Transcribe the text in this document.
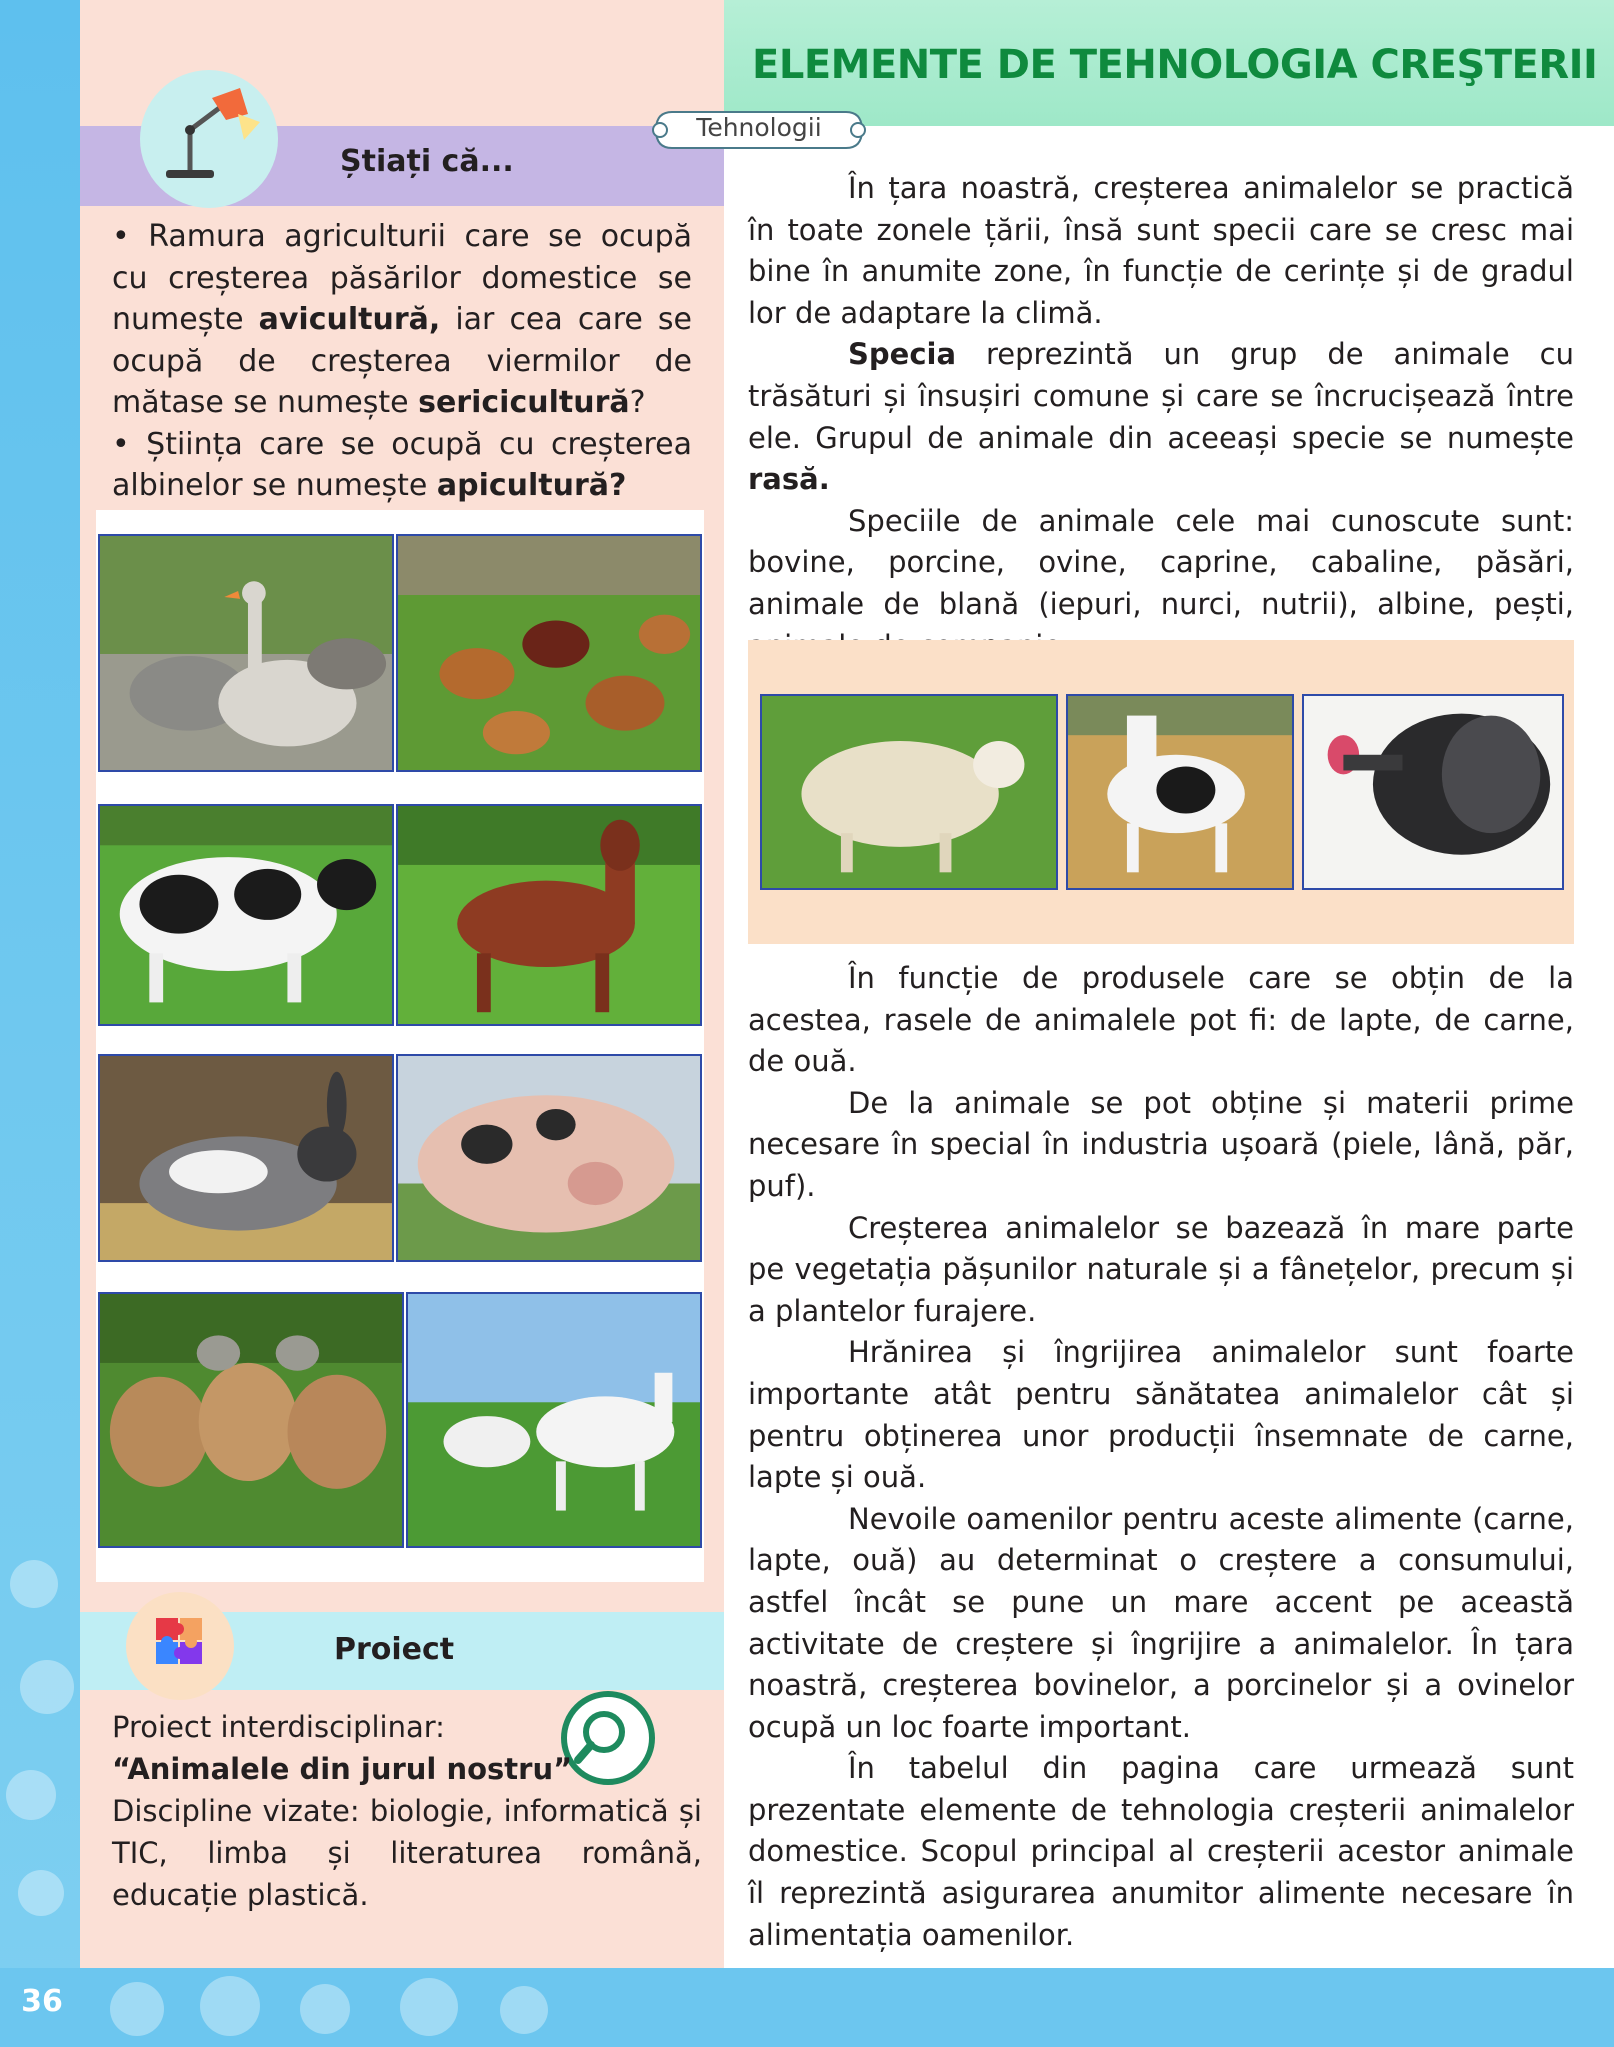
36
Știați că...

• Ramura agriculturii care se ocupă cu creșterea păsărilor domestice se numește avicultură, iar cea care se ocupă de creșterea viermilor de mătase se numește sericicultură?

• Știința care se ocupă cu creșterea albinelor se numește apicultură?

Proiect
Proiect interdisciplinar:
“Animalele din jurul nostru”
Discipline vizate: biologie, informatică și TIC, limba și literaturea română, educație plastică.
ELEMENTE DE TEHNOLOGIA CREŞTERII
Tehnologii

În țara noastră, creșterea animalelor se practică în toate zonele țării, însă sunt specii care se cresc mai bine în anumite zone, în funcție de cerințe și de gradul lor de adaptare la climă.

Specia reprezintă un grup de animale cu trăsături și însușiri comune și care se încrucișează între ele. Grupul de animale din aceeași specie se numește rasă.

Speciile de animale cele mai cunoscute sunt: bovine, porcine, ovine, caprine, cabaline, păsări, animale de blană (iepuri, nurci, nutrii), albine, pești,

În funcție de produsele care se obțin de la acestea, rasele de animalele pot fi: de lapte, de carne, de ouă.

De la animale se pot obține și materii prime necesare în special în industria ușoară (piele, lână, păr, puf).

Creșterea animalelor se bazează în mare parte pe vegetația pășunilor naturale și a fânețelor, precum și a plantelor furajere.

Hrănirea și îngrijirea animalelor sunt foarte importante atât pentru sănătatea animalelor cât și pentru obținerea unor producții însemnate de carne, lapte și ouă.

Nevoile oamenilor pentru aceste alimente (carne, lapte, ouă) au determinat o creștere a consumului, astfel încât se pune un mare accent pe această activitate de creștere și îngrijire a animalelor. În țara noastră, creșterea bovinelor, a porcinelor și a ovinelor ocupă un loc foarte important.

În tabelul din pagina care urmează sunt prezentate elemente de tehnologia creșterii animalelor domestice. Scopul principal al creșterii acestor animale îl reprezintă asigurarea anumitor alimente necesare în alimentația oamenilor.
